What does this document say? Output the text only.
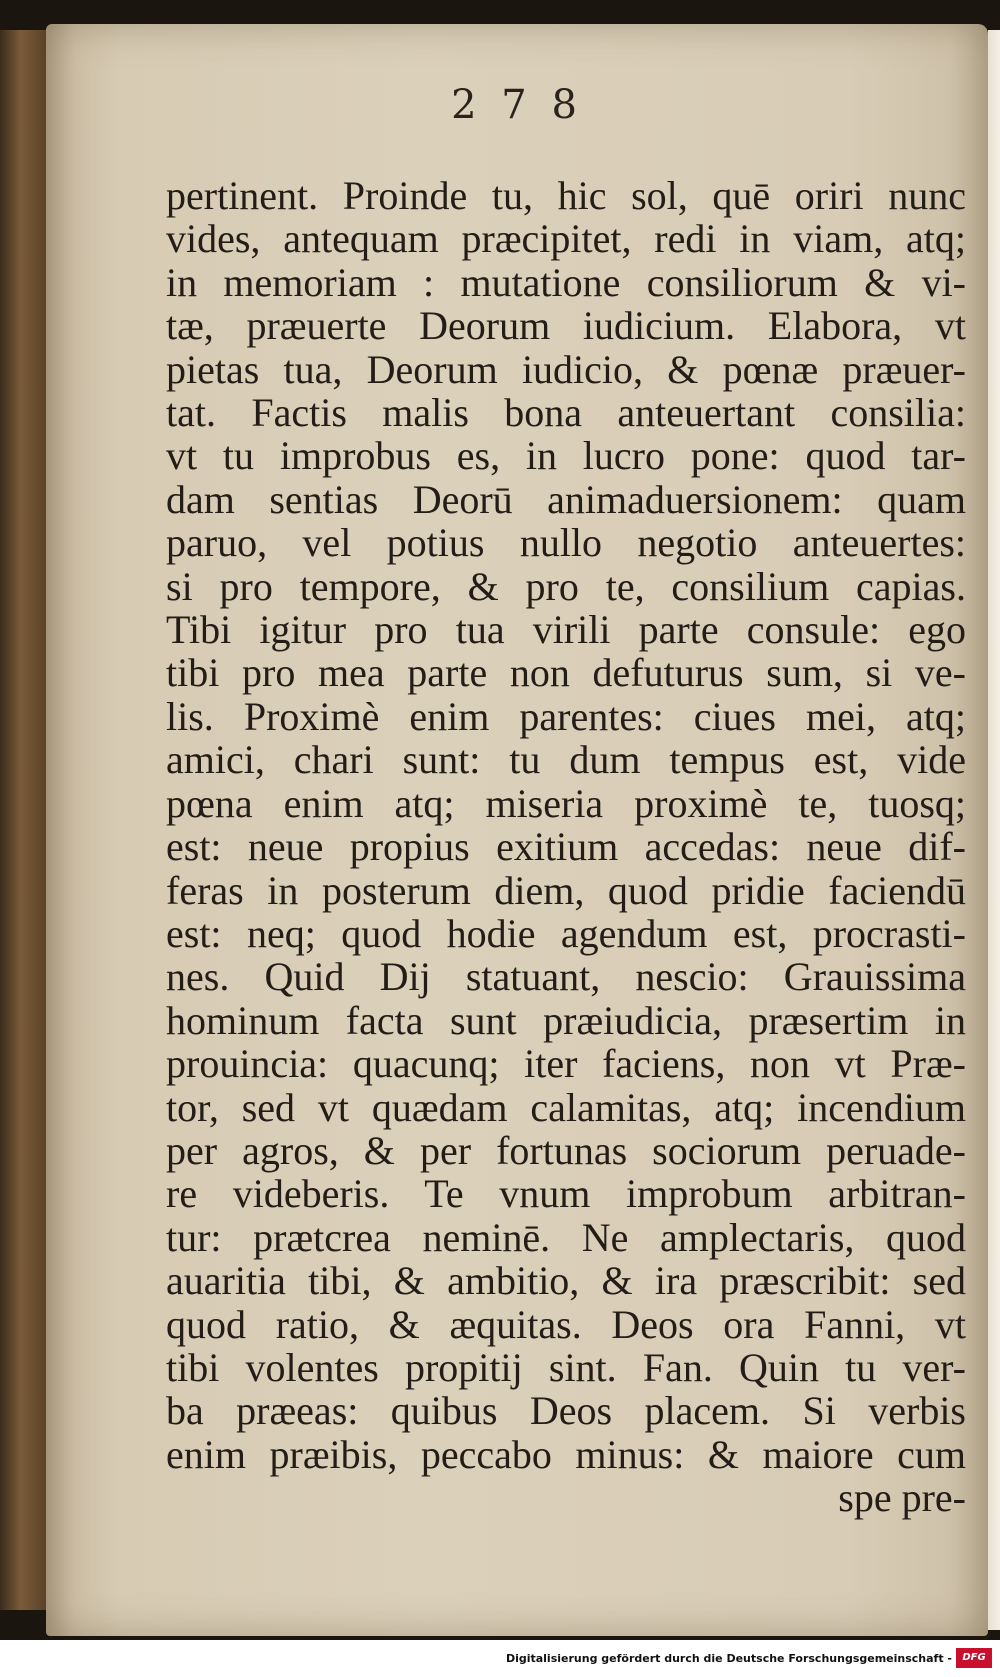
2 7 8
pertinent. Proinde tu, hic sol, quē oriri nunc
vides, antequam præcipitet, redi in viam, atq;
in memoriam : mutatione consiliorum & vi-
tæ, præuerte Deorum iudicium. Elabora, vt
pietas tua, Deorum iudicio, & pœnæ præuer-
tat. Factis malis bona anteuertant consilia:
vt tu improbus es, in lucro pone: quod tar-
dam sentias Deorū animaduersionem: quam
paruo, vel potius nullo negotio anteuertes:
si pro tempore, & pro te, consilium capias.
Tibi igitur pro tua virili parte consule: ego
tibi pro mea parte non defuturus sum, si ve-
lis. Proximè enim parentes: ciues mei, atq;
amici, chari sunt: tu dum tempus est, vide
pœna enim atq; miseria proximè te, tuosq;
est: neue propius exitium accedas: neue dif-
feras in posterum diem, quod pridie faciendū
est: neq; quod hodie agendum est, procrasti-
nes. Quid Dij statuant, nescio: Grauissima
hominum facta sunt præiudicia, præsertim in
prouincia: quacunq; iter faciens, non vt Præ-
tor, sed vt quædam calamitas, atq; incendium
per agros, & per fortunas sociorum peruade-
re videberis. Te vnum improbum arbitran-
tur: prætcrea neminē. Ne amplectaris, quod
auaritia tibi, & ambitio, & ira præscribit: sed
quod ratio, & æquitas. Deos ora Fanni, vt
tibi volentes propitij sint. Fan. Quin tu ver-
ba præeas: quibus Deos placem. Si verbis
enim præibis, peccabo minus: & maiore cum
spe pre-
Digitalisierung gefördert durch die Deutsche Forschungsgemeinschaft -	DFG
